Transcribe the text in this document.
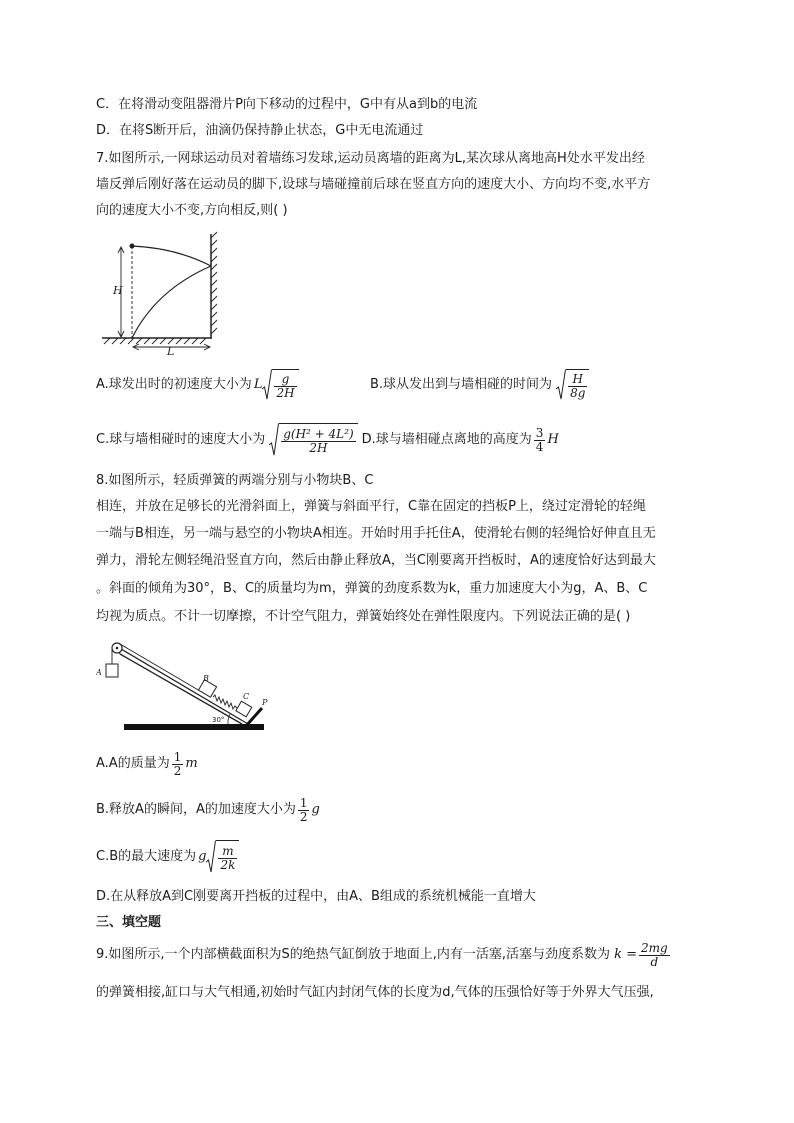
C．在将滑动变阻器滑片P向下移动的过程中，G中有从a到b的电流
D．在将S断开后，油滴仍保持静止状态，G中无电流通过
7.如图所示,一网球运动员对着墙练习发球,运动员离墙的距离为L,某次球从离地高H处水平发出经
墙反弹后刚好落在运动员的脚下,设球与墙碰撞前后球在竖直方向的速度大小、方向均不变,水平方
向的速度大小不变,方向相反,则( )
H
L
A.球发出时的初速度大小为 L $\frac{g}{2H}$	B.球从发出到与墙相碰的时间为 $\frac{H}{8g}$
C.球与墙相碰时的速度大小为 $\frac{\text{g(H² + 4L²)}}{2H} D$.球与墙相碰点离地的高度为 $\frac{3}{4}$ H
8.如图所示，轻质弹簧的两端分别与小物块B、C
相连，并放在足够长的光滑斜面上，弹簧与斜面平行，C靠在固定的挡板P上，绕过定滑轮的轻绳
一端与B相连，另一端与悬空的小物块A相连。开始时用手托住A，使滑轮右侧的轻绳恰好伸直且无
弹力，滑轮左侧轻绳沿竖直方向，然后由静止释放A，当C刚要离开挡板时，A的速度恰好达到最大
。斜面的倾角为30°，B、C的质量均为m，弹簧的劲度系数为k，重力加速度大小为g，A、B、C
均视为质点。不计一切摩擦，不计空气阻力，弹簧始终处在弹性限度内。下列说法正确的是( )
A
B
C
P
30°
A.A的质量为 $\frac{1}{2}$ m
B.释放A的瞬间，A的加速度大小为 $\frac{1}{2}$ g
C.B的最大速度为 g $\frac{m}{2k}$
D.在从释放A到C刚要离开挡板的过程中，由A、B组成的系统机械能一直增大
三、填空题
9.如图所示,一个内部横截面积为S的绝热气缸倒放于地面上,内有一活塞,活塞与劲度系数为 $k = \frac{2mg}{d}$
的弹簧相接,缸口与大气相通,初始时气缸内封闭气体的长度为d,气体的压强恰好等于外界大气压强,
